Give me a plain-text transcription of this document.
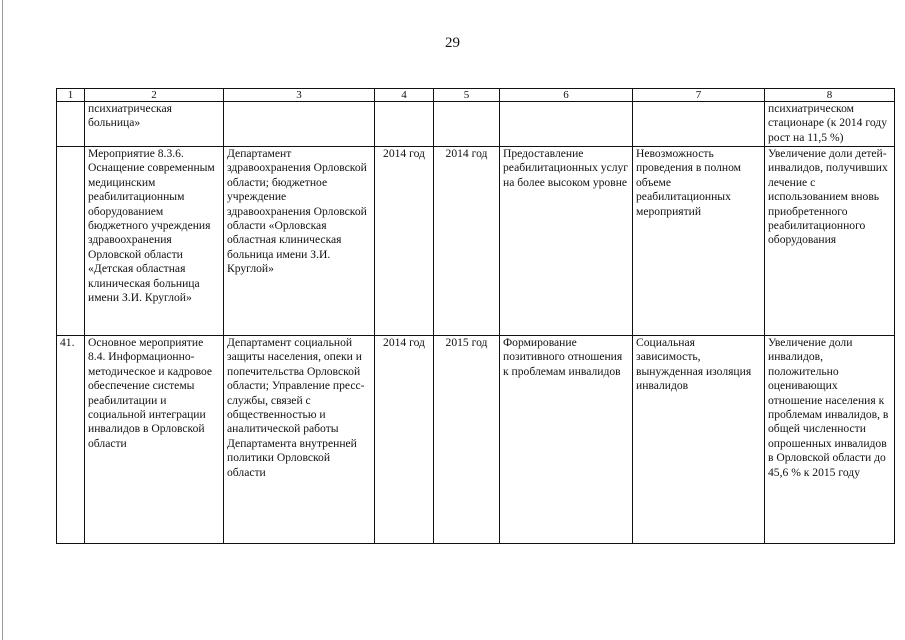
29
1	2	3	4	5	6	7	8
	психиатрическая больница»						психиатрическом стационаре (к 2014 году рост на 11,5 %)
	Мероприятие 8.3.6. Оснащение современным медицинским реабилитационным оборудованием бюджетного учреждения здравоохранения Орловской области «Детская областная клиническая больница имени З.И. Круглой»	Департамент здравоохранения Орловской области; бюджетное учреждение здравоохранения Орловской области «Орловская областная клиническая больница имени З.И. Круглой»	2014 год	2014 год	Предоставление реабилитационных услуг на более высоком уровне	Невозможность проведения в полном объеме реабилитационных мероприятий	Увеличение доли детей-инвалидов, получивших лечение с использованием вновь приобретенного реабилитационного оборудования
41.	Основное мероприятие 8.4. Информационно-методическое и кадровое обеспечение системы реабилитации и социальной интеграции инвалидов в Орловской области	Департамент социальной защиты населения, опеки и попечительства Орловской области; Управление пресс-службы, связей с общественностью и аналитической работы Департамента внутренней политики Орловской области	2014 год	2015 год	Формирование позитивного отношения к проблемам инвалидов	Социальная зависимость, вынужденная изоляция инвалидов	Увеличение доли инвалидов, положительно оценивающих отношение населения к проблемам инвалидов, в общей численности опрошенных инвалидов в Орловской области до 45,6 % к 2015 году
